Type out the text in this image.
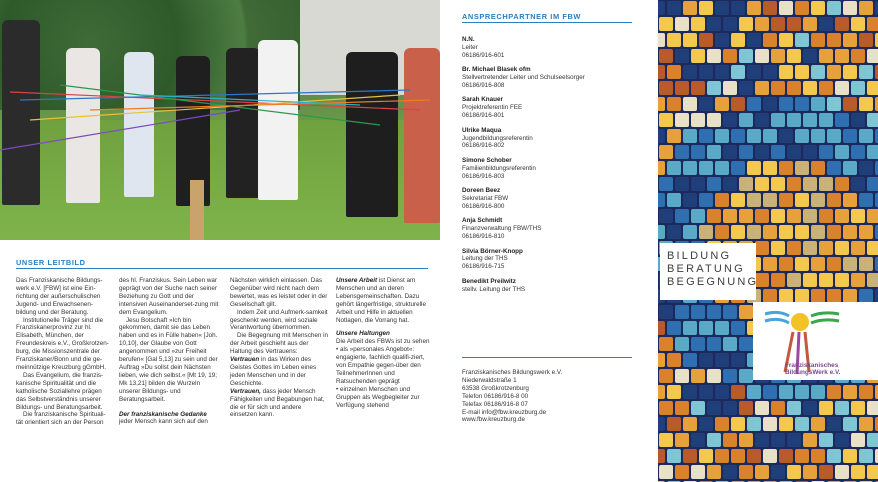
UNSER LEITBILD

Das Franziskanische Bildungs-werk e.V. [FBW] ist eine Ein-richtung der außerschulischen Jugend- und Erwachsenen-bildung und der Beratung.

Institutionelle Träger sind die Franziskanerprovinz zur hl. Elisabeth, München, der Freundeskreis e.V., Großkrotzen-burg, die Missionszentrale der Franziskaner/Bonn und die ge-meinnützige Kreuzburg gGmbH.

Das Evangelium, die franzis-kanische Spiritualität und die katholische Soziallehre prägen das Selbstverständnis unserer Bildungs- und Beratungsarbeit.

Die franziskanische Spirituali-tät orientiert sich an der Person

des hl. Franziskus. Sein Leben war geprägt von der Suche nach seiner Beziehung zu Gott und der intensiven Auseinanderset-zung mit dem Evangelium.

Jesu Botschaft »Ich bin gekommen, damit sie das Leben haben und es in Fülle haben« [Joh. 10,10], der Glaube von Gott angenommen und »zur Freiheit berufen« [Gal 5,13] zu sein und der Auftrag »Du sollst dein Nächsten lieben, wie dich selbst.« [Mt 19, 19; Mk 13,21] bilden die Wurzeln unserer Bildungs- und Beratungsarbeit.

Der franziskanische Gedanke

jeder Mensch kann sich auf den

Nächsten wirklich einlassen. Das Gegenüber wird nicht nach dem bewertet, was es leistet oder in der Gesellschaft gilt.

Indem Zeit und Aufmerk-samkeit geschenkt werden, wird soziale Verantwortung übernommen.

Die Begegnung mit Menschen in der Arbeit geschieht aus der Haltung des Vertrauens:

Vertrauen in das Wirken des Geistes Gottes im Leben eines jeden Menschen und in der Geschichte.

Vertrauen, dass jeder Mensch Fähigkeiten und Begabungen hat, die er für sich und andere einsetzen kann.

Unsere Arbeit ist Dienst am Menschen und an deren Lebensgemeinschaften. Dazu gehört längerfristige, strukturelle Arbeit und Hilfe in aktuellen Notlagen, die Vorrang hat.

Unsere Haltungen

Die Arbeit des FBWs ist zu sehen

• als »personales Angebot«: engagierte, fachlich qualifi-ziert, von Empathie gegen-über den TeilnehmerInnen und Ratsuchenden geprägt

• einzelnen Menschen und Gruppen als Wegbegleiter zur Verfügung stehend

ANSPRECHPARTNER IM FBW
N.N.
Leiter
06186/916-601
Br. Michael Blasek ofm
Stellvertretender Leiter und Schulseelsorger
06186/916-808
Sarah Knauer
Projektreferentin FEE
06186/916-801
Ulrike Maqua
Jugendbildungsreferentin
06186/916-802
Simone Schober
Familienbildungsreferentin
06186/916-803
Doreen Beez
Sekretariat FBW
06186/916-800
Anja Schmidt
Finanzverwaltung FBW/THS
06186/916-810
Silvia Börner-Knopp
Leitung der THS
06186/916-715
Benedikt Preilwitz
stellv. Leitung der THS
Franziskanisches Bildungswerk e.V.
Niederwaldstraße 1
63538 Großkrotzenburg
Telefon 06186/916-8 00
Telefax 06186/916-8 07
E-mail info@fbw.kreuzburg.de
www.fbw.kreuzburg.de
BILDUNG
BERATUNG
BEGEGNUNG
Franziskanisches
BildungsWerk e.V.
